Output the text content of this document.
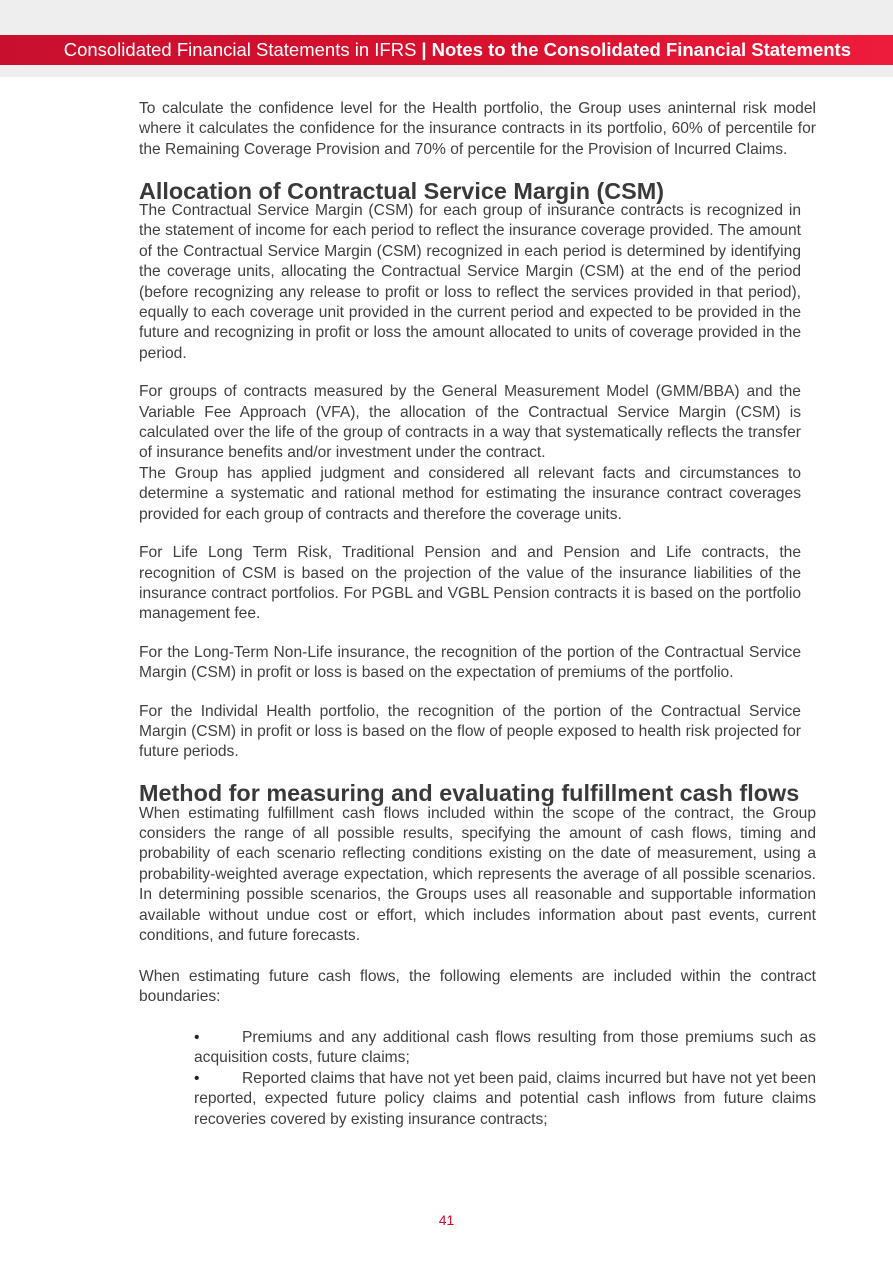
Consolidated Financial Statements in IFRS | Notes to the Consolidated Financial Statements

To calculate the confidence level for the Health portfolio, the Group uses aninternal risk model where it calculates the confidence for the insurance contracts in its portfolio, 60% of percentile for the Remaining Coverage Provision and 70% of percentile for the Provision of Incurred Claims.

Allocation of Contractual Service Margin (CSM)

The Contractual Service Margin (CSM) for each group of insurance contracts is recognized in the statement of income for each period to reflect the insurance coverage provided. The amount of the Contractual Service Margin (CSM) recognized in each period is determined by identifying the coverage units, allocating the Contractual Service Margin (CSM) at the end of the period (before recognizing any release to profit or loss to reflect the services provided in that period), equally to each coverage unit provided in the current period and expected to be provided in the future and recognizing in profit or loss the amount allocated to units of coverage provided in the period.

For groups of contracts measured by the General Measurement Model (GMM/BBA) and the Variable Fee Approach (VFA), the allocation of the Contractual Service Margin (CSM) is calculated over the life of the group of contracts in a way that systematically reflects the transfer of insurance benefits and/or investment under the contract.

The Group has applied judgment and considered all relevant facts and circumstances to determine a systematic and rational method for estimating the insurance contract coverages provided for each group of contracts and therefore the coverage units.

For Life Long Term Risk, Traditional Pension and and Pension and Life contracts, the recognition of CSM is based on the projection of the value of the insurance liabilities of the insurance contract portfolios. For PGBL and VGBL Pension contracts it is based on the portfolio management fee.

For the Long-Term Non-Life insurance, the recognition of the portion of the Contractual Service Margin (CSM) in profit or loss is based on the expectation of premiums of the portfolio.

For the Individal Health portfolio, the recognition of the portion of the Contractual Service Margin (CSM) in profit or loss is based on the flow of people exposed to health risk projected for future periods.

Method for measuring and evaluating fulfillment cash flows

When estimating fulfillment cash flows included within the scope of the contract, the Group considers the range of all possible results, specifying the amount of cash flows, timing and probability of each scenario reflecting conditions existing on the date of measurement, using a probability-weighted average expectation, which represents the average of all possible scenarios. In determining possible scenarios, the Groups uses all reasonable and supportable information available without undue cost or effort, which includes information about past events, current conditions, and future forecasts.

When estimating future cash flows, the following elements are included within the contract boundaries:

•	Premiums and any additional cash flows resulting from those premiums such as acquisition costs, future claims;
•	Reported claims that have not yet been paid, claims incurred but have not yet been reported, expected future policy claims and potential cash inflows from future claims recoveries covered by existing insurance contracts;
41
